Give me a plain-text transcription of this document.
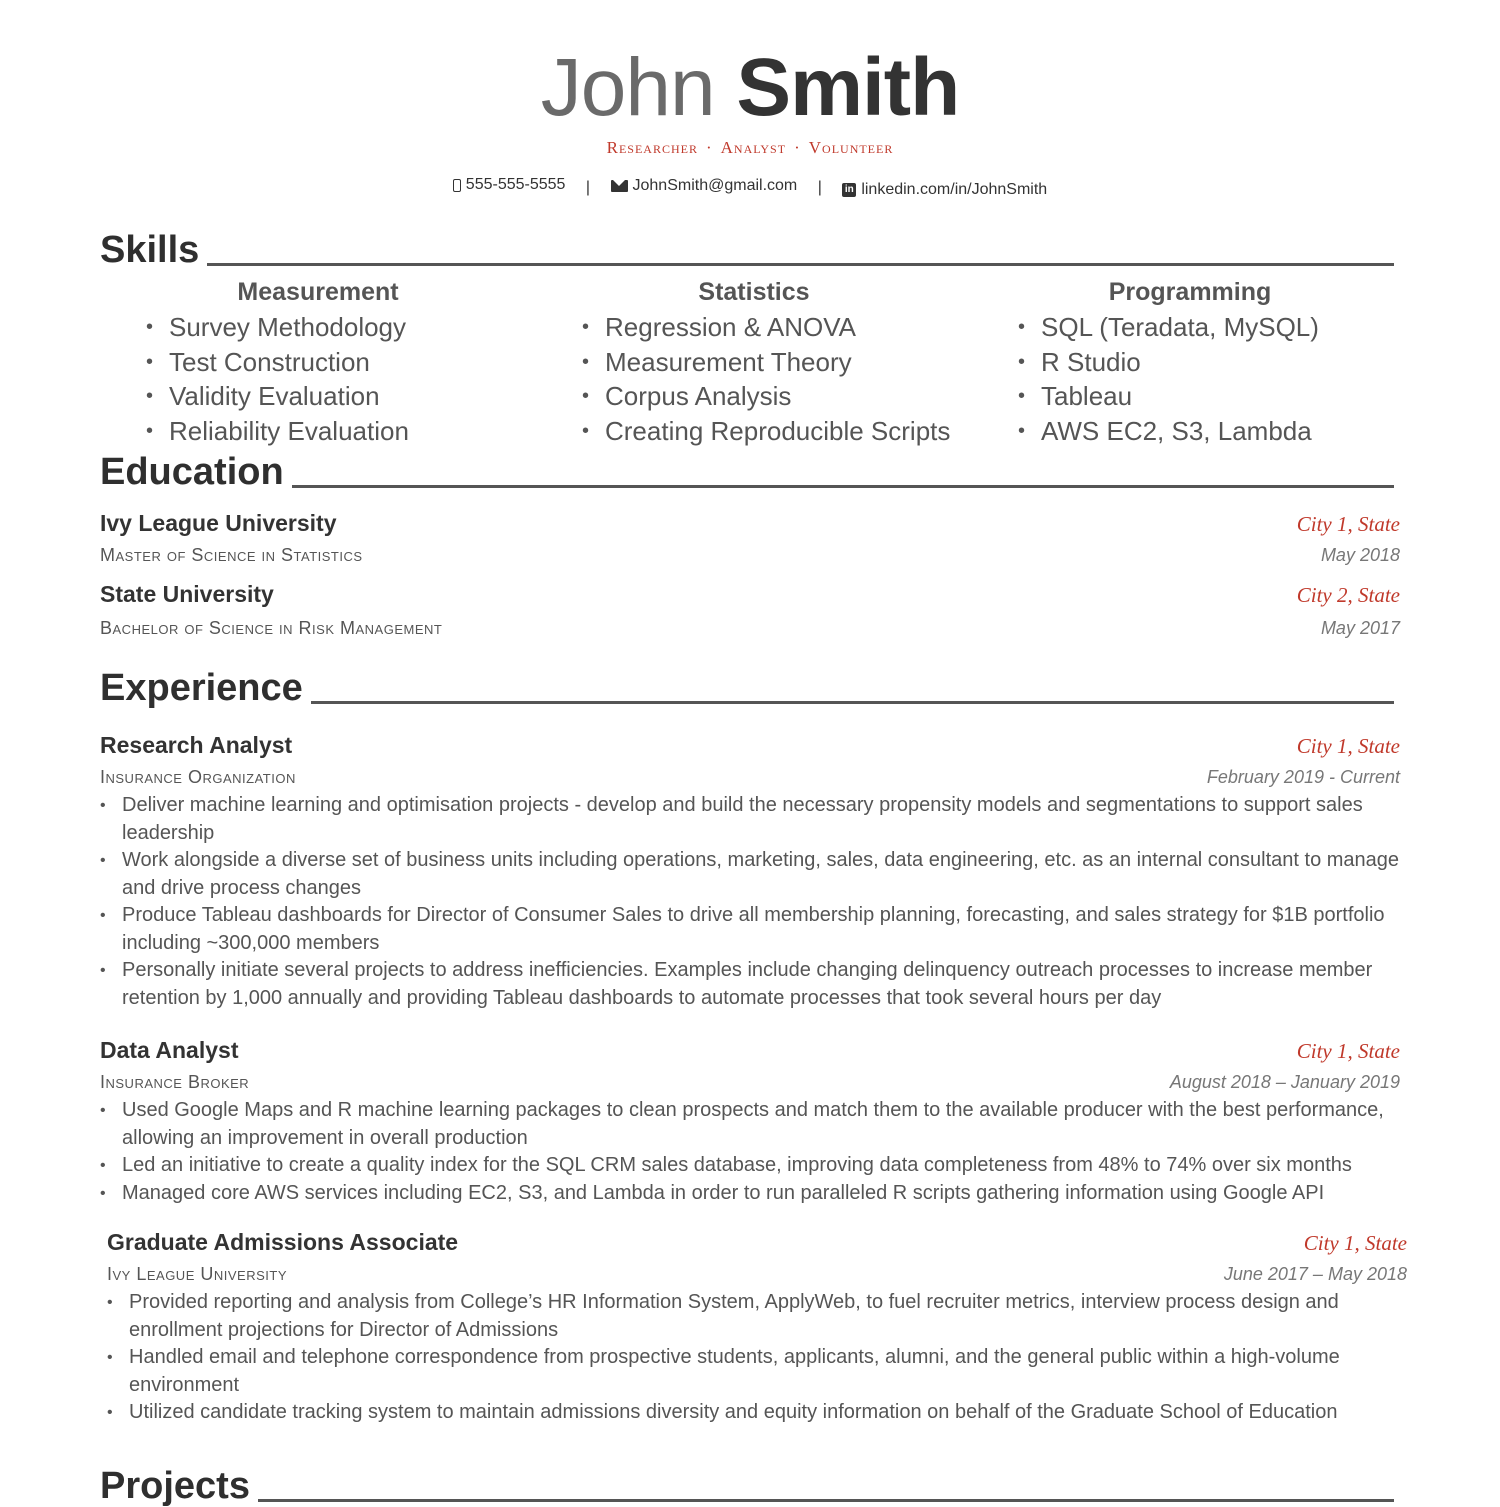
John Smith
Researcher · Analyst · Volunteer
555-555-5555 |	JohnSmith@gmail.com | in linkedin.com/in/JohnSmith
Skills
Measurement
• Survey Methodology
• Test Construction
• Validity Evaluation
• Reliability Evaluation
Statistics
• Regression & ANOVA
• Measurement Theory
• Corpus Analysis
• Creating Reproducible Scripts
Programming
• SQL (Teradata, MySQL)
• R Studio
• Tableau
• AWS EC2, S3, Lambda
Education
Ivy League University	City 1, State
Master of Science in Statistics	May 2018
State University	City 2, State
Bachelor of Science in Risk Management	May 2017
Experience
Research Analyst	City 1, State
Insurance Organization	February 2019 - Current
• Deliver machine learning and optimisation projects - develop and build the necessary propensity models and segmentations to support sales leadership
• Work alongside a diverse set of business units including operations, marketing, sales, data engineering, etc. as an internal consultant to manage and drive process changes
• Produce Tableau dashboards for Director of Consumer Sales to drive all membership planning, forecasting, and sales strategy for $1B portfolio including ~300,000 members
• Personally initiate several projects to address inefficiencies. Examples include changing delinquency outreach processes to increase member retention by 1,000 annually and providing Tableau dashboards to automate processes that took several hours per day
Data Analyst	City 1, State
Insurance Broker	August 2018 – January 2019
• Used Google Maps and R machine learning packages to clean prospects and match them to the available producer with the best performance, allowing an improvement in overall production
• Led an initiative to create a quality index for the SQL CRM sales database, improving data completeness from 48% to 74% over six months
• Managed core AWS services including EC2, S3, and Lambda in order to run paralleled R scripts gathering information using Google API
Graduate Admissions Associate	City 1, State
Ivy League University	June 2017 – May 2018
• Provided reporting and analysis from College’s HR Information System, ApplyWeb, to fuel recruiter metrics, interview process design and enrollment projections for Director of Admissions
• Handled email and telephone correspondence from prospective students, applicants, alumni, and the general public within a high-volume environment
• Utilized candidate tracking system to maintain admissions diversity and equity information on behalf of the Graduate School of Education
Projects
